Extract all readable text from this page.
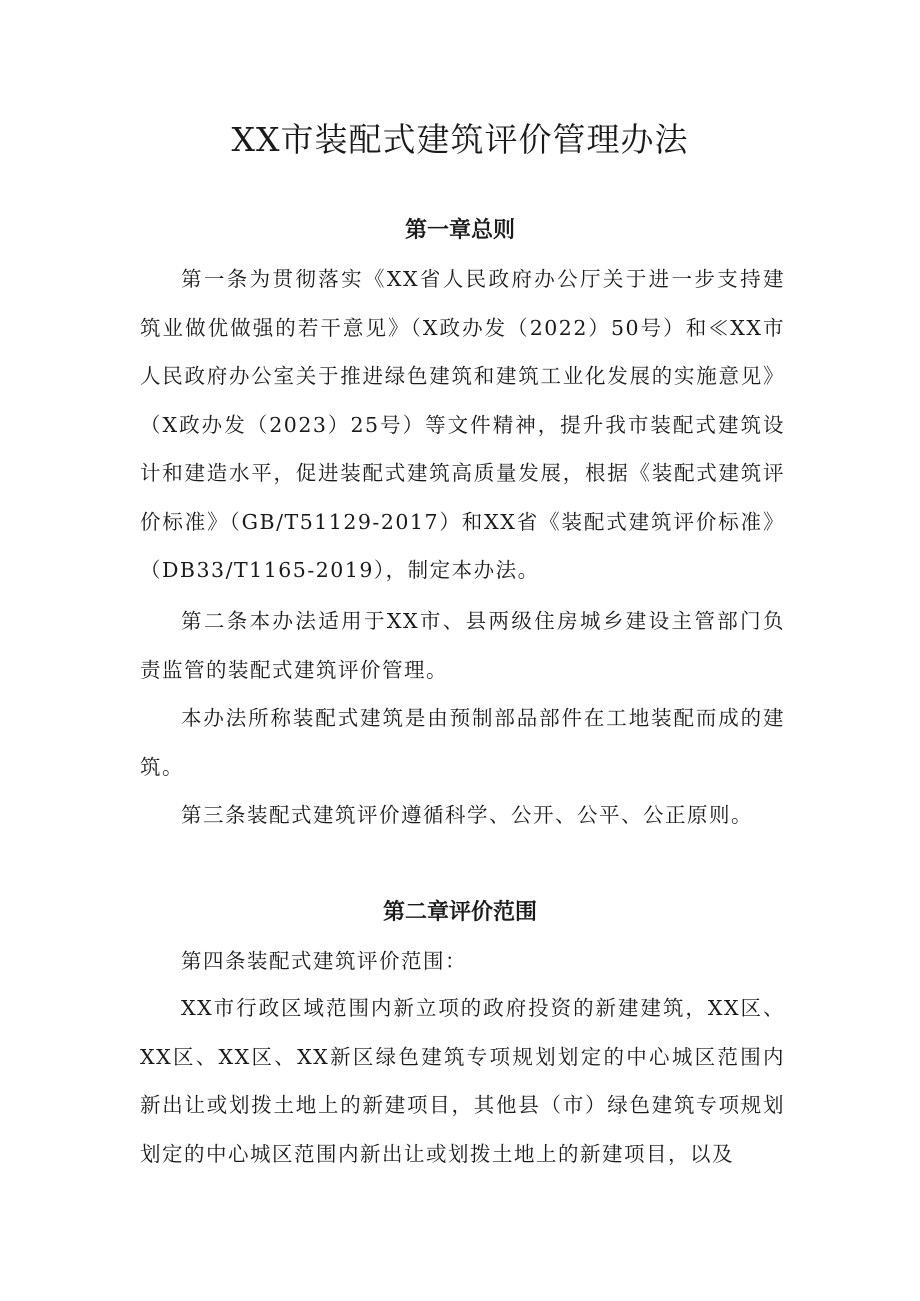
XX市装配式建筑评价管理办法
第一章总则

第一条为贯彻落实《XX省人民政府办公厅关于进一步支持建筑业做优做强的若干意见》（X政办发（2022）50号）和≪XX市人民政府办公室关于推进绿色建筑和建筑工业化发展的实施意见》（X政办发（2023）25号）等文件精神，提升我市装配式建筑设计和建造水平，促进装配式建筑高质量发展，根据《装配式建筑评价标准》（GB/T51129-2017）和XX省《装配式建筑评价标准》（DB33/T1165-2019），制定本办法。

第二条本办法适用于XX市、县两级住房城乡建设主管部门负责监管的装配式建筑评价管理。

本办法所称装配式建筑是由预制部品部件在工地装配而成的建筑。

第三条装配式建筑评价遵循科学、公开、公平、公正原则。

第二章评价范围

第四条装配式建筑评价范围：

XX市行政区域范围内新立项的政府投资的新建建筑，XX区、XX区、XX区、XX新区绿色建筑专项规划划定的中心城区范围内新出让或划拨土地上的新建项目，其他县（市）绿色建筑专项规划划定的中心城区范围内新出让或划拨土地上的新建项目，以及
